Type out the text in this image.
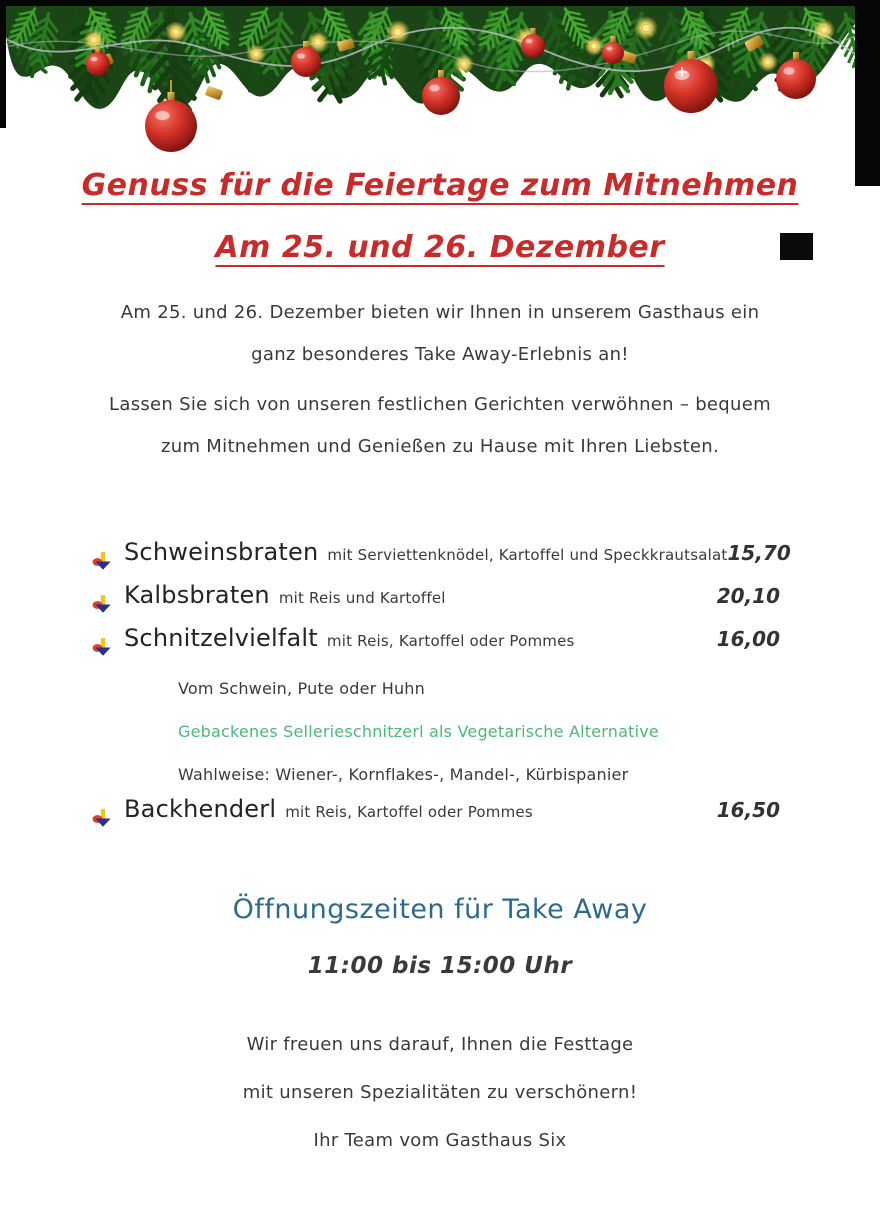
Genuss für die Feiertage zum Mitnehmen
Am 25. und 26. Dezember
Am 25. und 26. Dezember bieten wir Ihnen in unserem Gasthaus ein
ganz besonderes Take Away-Erlebnis an!
Lassen Sie sich von unseren festlichen Gerichten verwöhnen – bequem
zum Mitnehmen und Genießen zu Hause mit Ihren Liebsten.
Schweinsbraten mit Serviettenknödel, Kartoffel und Speckkrautsalat 15,70
Kalbsbraten mit Reis und Kartoffel	20,10
Schnitzelvielfalt mit Reis, Kartoffel oder Pommes	16,00
Vom Schwein, Pute oder Huhn
Gebackenes Sellerieschnitzerl als Vegetarische Alternative
Wahlweise: Wiener-, Kornflakes-, Mandel-, Kürbispanier
Backhenderl mit Reis, Kartoffel oder Pommes	16,50
Öffnungszeiten für Take Away
11:00 bis 15:00 Uhr
Wir freuen uns darauf, Ihnen die Festtage
mit unseren Spezialitäten zu verschönern!
Ihr Team vom Gasthaus Six
